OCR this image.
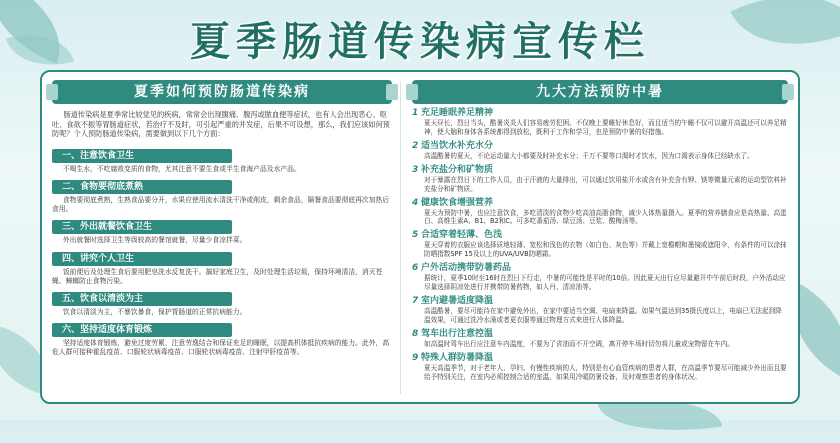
夏季肠道传染病宣传栏
夏季如何预防肠道传染病
肠道传染病是夏季常比较觉见的疾病，常常会出现腹痛、腹泻或脓血便等症状，也有人会出现恶心、呕吐、食欲不振等胃肠道症状，若治疗不及时，可引起严重的并发症，后果不可设想，那么，我们应该如何预防呢？个人预防肠道传染病，需要做到以下几个方面：
一、注意饮食卫生
不喝生水，不吃腐败变质的食物，尤其注意不要生食或半生食海产品及水产品。
二、食物要彻底煮熟
食物要彻底煮熟，生熟食品要分开，水果应使用流水清洗干净或削皮，剩余食品，隔餐食品要彻底再次加热后食用。
三、外出就餐饮食卫生
外出就餐时选择卫生等级较高的餐馆就餐，尽量少食凉拌菜。
四、讲究个人卫生
饭前便后及处理生食后要用肥皂洗水反复洗干。搞好家庭卫生，及时处理生活垃圾，保持环境清洁，消灭苍蝇、蟑螂防止食物污染。
五、饮食以清淡为主
饮食以清淡为主，不暴饮暴食，保护胃肠道的正常抗病能力。
六、坚持适度体育锻炼
坚持适度体育锻炼，避免过度劳累，注意劳逸结合和保证充足的睡眠，以提高机体抵抗疾病的能力。此外，高危人群可接种霍乱疫苗、口服轮状病毒疫苗、口服轮状病毒疫苗、注射甲肝疫苗等。
九大方法预防中暑
1 充足睡眠养足精神
夏天昼长，烈日当头，酷暑炎炎人们容易疲劳犯困。不仅晚上要睡好休息好，而且适当的午睡不仅可以避开高温还可以养足精神，使大脑和身体各系统都得到放松，既利于工作和学习，也是预防中暑的好措施。
2 适当饮水补充水分
高温酷暑的夏天，不论运动量大小都要及时补充水分；千万不要等口渴时才饮水，因为口渴表示身体已经缺水了。
3 补充盐分和矿物质
对于暴露在烈日下的工作人员，由于汗液的大量排出，可以通过饮用盐开水或含有补充含有钾、镁等微量元素的运动型饮料补充盐分和矿物质。
4 健康饮食增强营养
夏天为预防中暑，也应注意饮食，多吃清淡的食物少吃高油高脂食物，减少人体热量摄入。夏季的营养膳食应是高热量、高蛋白、高维生素A、B1、B2和C。可多吃番茄汤、绿豆汤、豆浆、酸梅汤等。
5 合适穿着轻薄、色浅
夏天穿着的衣服应该选择质地轻薄、宽松和浅色的衣物（如白色、灰色等）并戴上宽檐帽和墨镜或遮阳伞，有条件的可以涂抹防晒指数SPF 15及以上的UVA/UVB防晒霜。
6 户外活动携带防暑药品
据统计，夏季10时至16时在烈日下行走，中暑的可能性是平时的10倍。因此夏天出行应尽量避开中午前后时段，户外活动应尽量选择阴凉处进行并携带防暑药物，如人丹、清凉油等。
7 室内避暑适度降温
高温酷暑，要尽可能待在家中避免外出，在家中要适当空调、电扇来降温。如果气温达到35摄氏度以上，电扇已无法起到降温效果，可通过洗冷水澡或者更衣服等通过物理方式来进行人体降温。
8 驾车出行注意控温
如高温时驾车出行应注意车内温度，不要为了省油而不开空调，离开停车场时切勿将儿童或宠物留在车内。
9 特殊人群防暑降温
夏天高温季节，对于老年人、孕妇、有慢性疾病的人，特别是有心血管疾病的患者人群，在高温季节要尽可能减少外出而且要给予特别关注，在室内必须控制合适的室温，如果用冷暖防暑设备，及时观察患者的身体状况。
